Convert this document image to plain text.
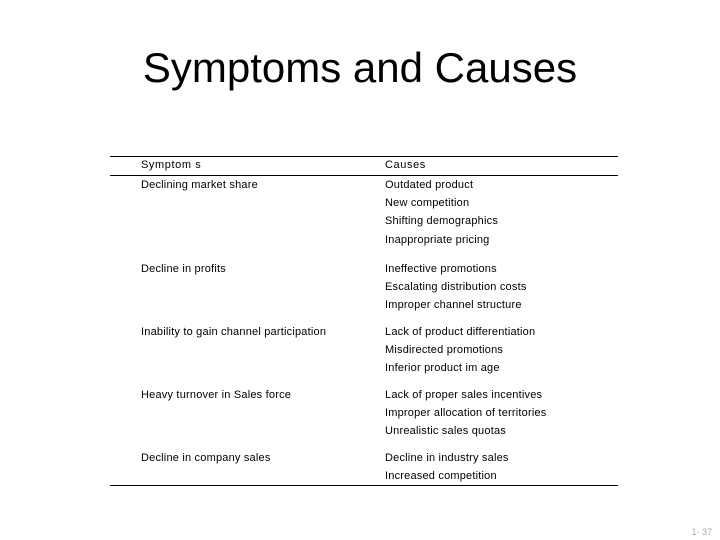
Symptoms and Causes
Symptom s	Causes
Declining market share	Outdated product
New competition
Shifting demographics
Inappropriate pricing
Decline in profits	Ineffective promotions
Escalating distribution costs
Improper channel structure
Inability to gain channel participation	Lack of product differentiation
Misdirected promotions
Inferior product im age
Heavy turnover in Sales force	Lack of proper sales incentives
Improper allocation of territories
Unrealistic sales quotas
Decline in company sales	Decline in industry sales
Increased competition
1- 37
